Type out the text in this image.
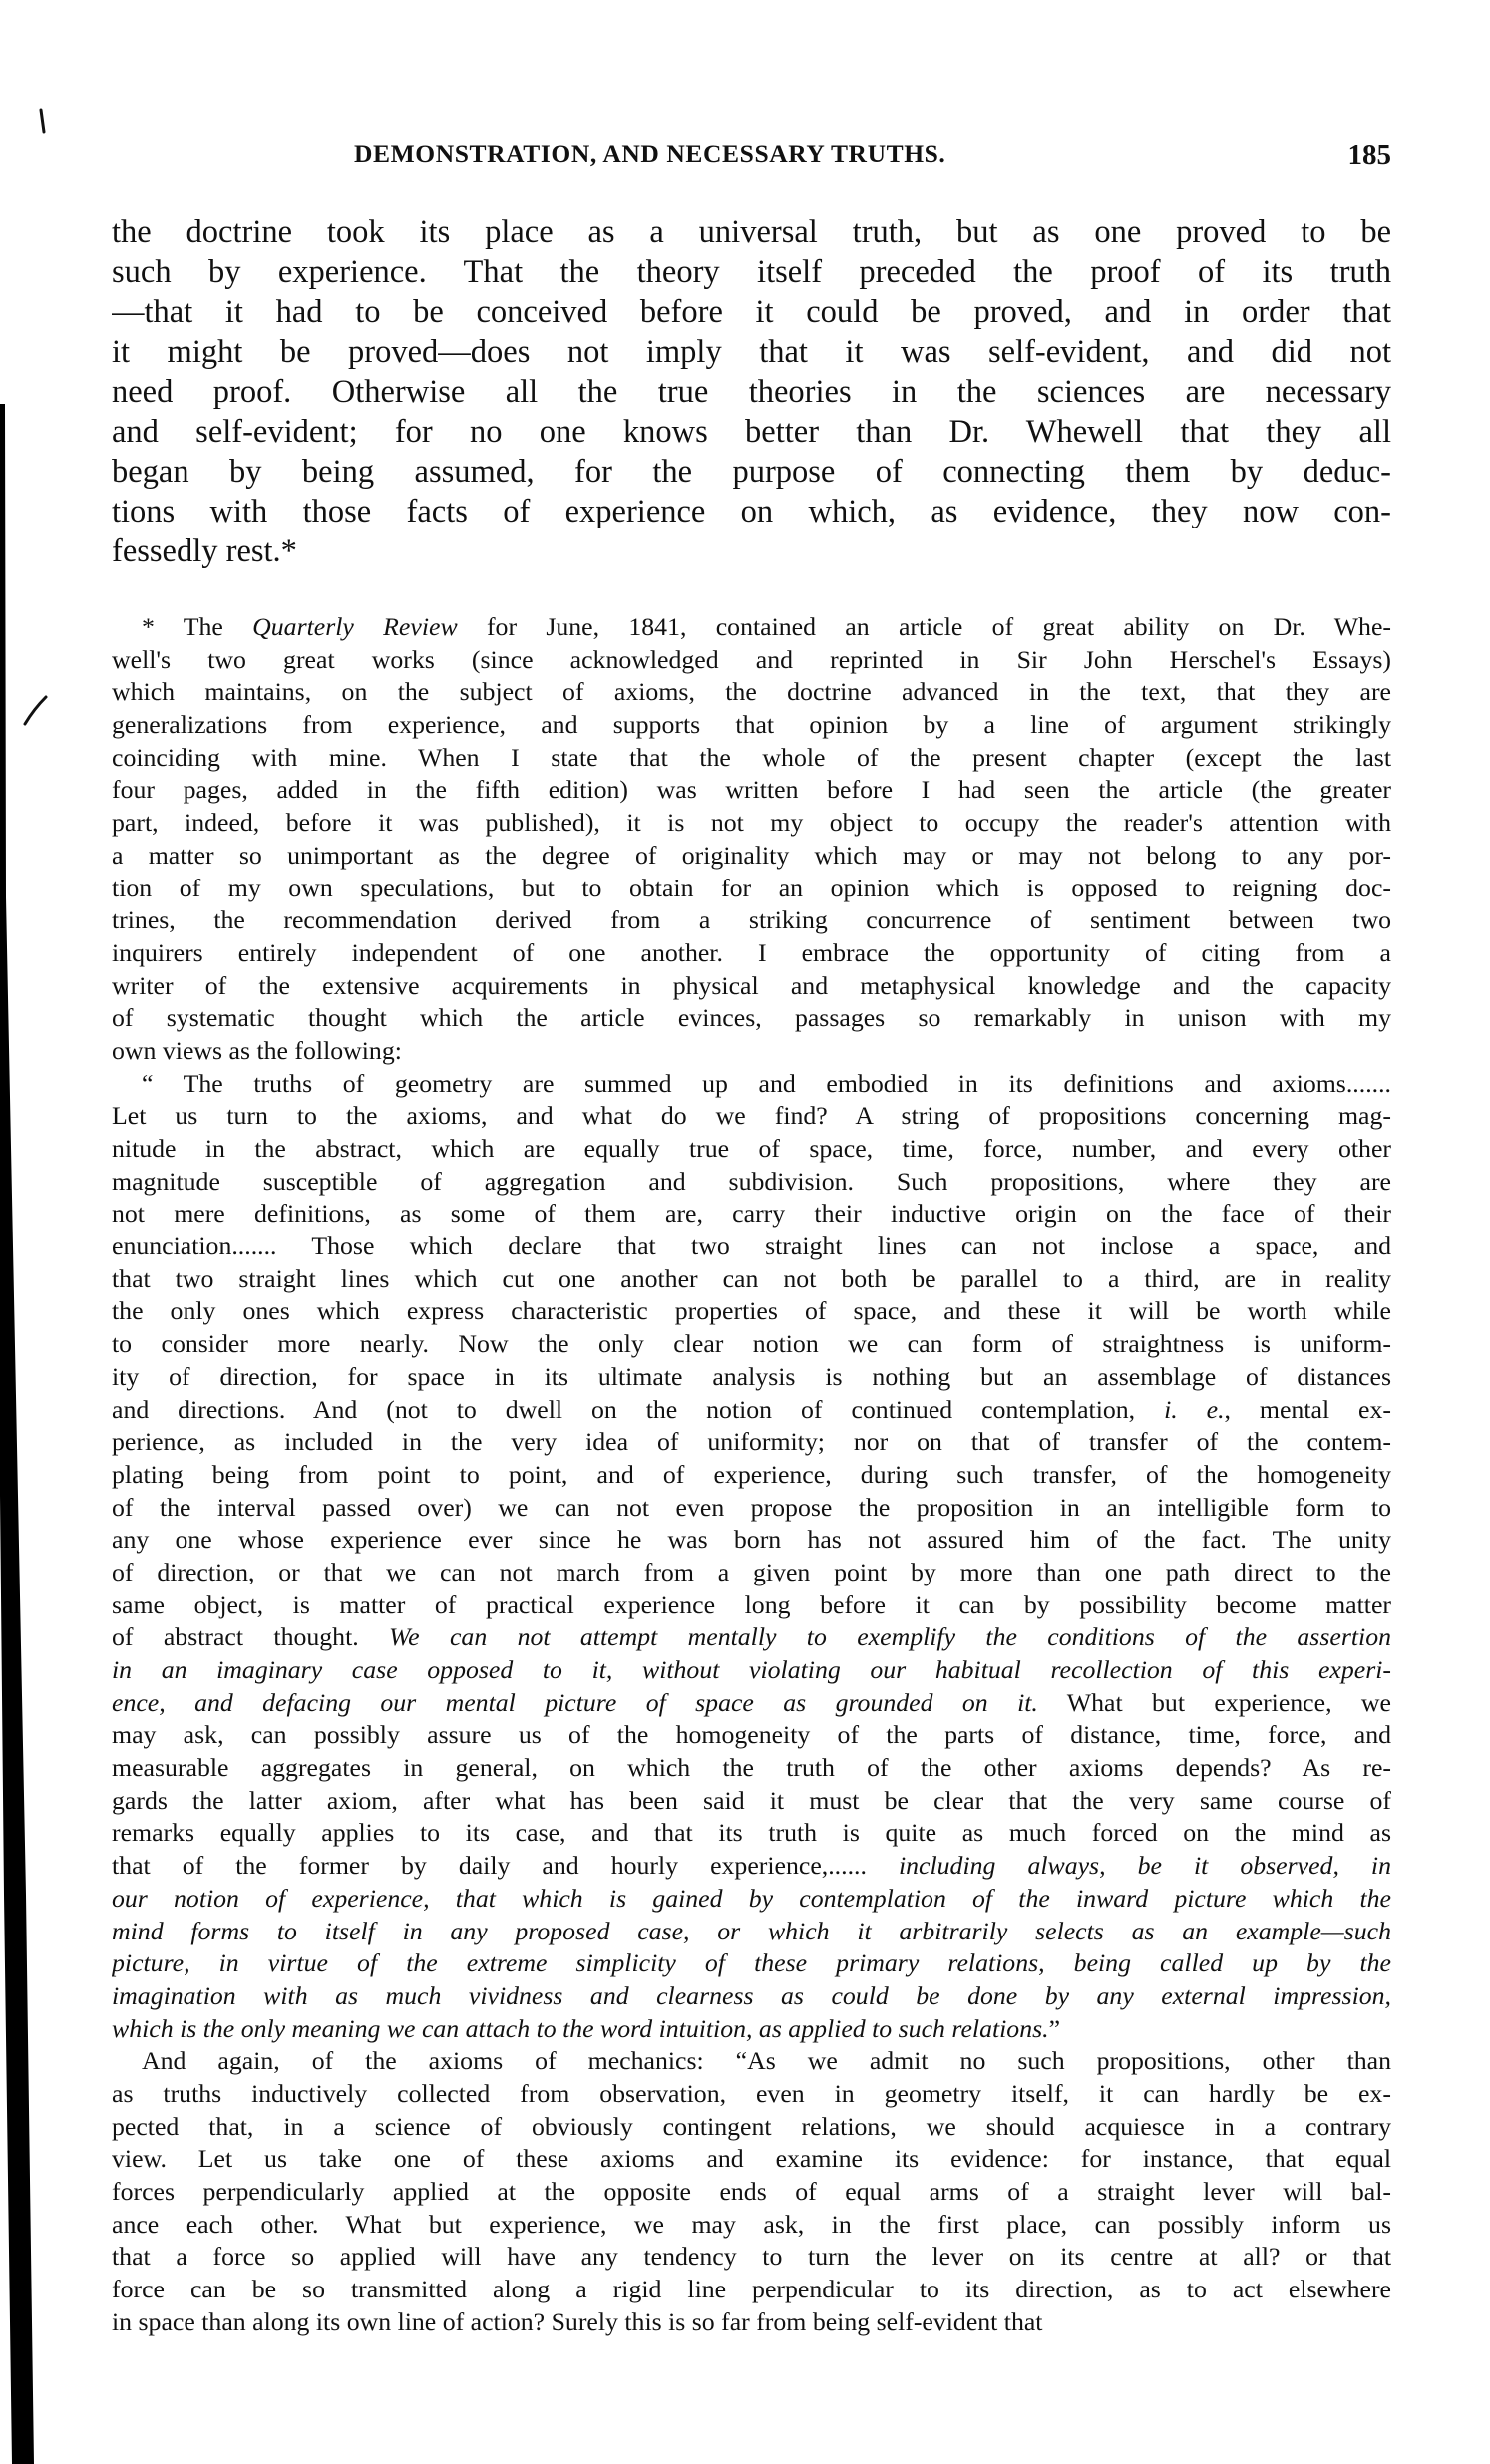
DEMONSTRATION, AND NECESSARY TRUTHS.	185
the doctrine took its place as a universal truth, but as one proved to be
such by experience. That the theory itself preceded the proof of its truth
—that it had to be conceived before it could be proved, and in order that
it might be proved—does not imply that it was self-evident, and did not
need proof. Otherwise all the true theories in the sciences are necessary
and self-evident; for no one knows better than Dr. Whewell that they all
began by being assumed, for the purpose of connecting them by deduc-
tions with those facts of experience on which, as evidence, they now con-
fessedly rest.*
* The Quarterly Review for June, 1841, contained an article of great ability on Dr. Whe-
well's two great works (since acknowledged and reprinted in Sir John Herschel's Essays)
which maintains, on the subject of axioms, the doctrine advanced in the text, that they are
generalizations from experience, and supports that opinion by a line of argument strikingly
coinciding with mine. When I state that the whole of the present chapter (except the last
four pages, added in the fifth edition) was written before I had seen the article (the greater
part, indeed, before it was published), it is not my object to occupy the reader's attention with
a matter so unimportant as the degree of originality which may or may not belong to any por-
tion of my own speculations, but to obtain for an opinion which is opposed to reigning doc-
trines, the recommendation derived from a striking concurrence of sentiment between two
inquirers entirely independent of one another. I embrace the opportunity of citing from a
writer of the extensive acquirements in physical and metaphysical knowledge and the capacity
of systematic thought which the article evinces, passages so remarkably in unison with my
own views as the following:
“ The truths of geometry are summed up and embodied in its definitions and axioms.......
Let us turn to the axioms, and what do we find? A string of propositions concerning mag-
nitude in the abstract, which are equally true of space, time, force, number, and every other
magnitude susceptible of aggregation and subdivision. Such propositions, where they are
not mere definitions, as some of them are, carry their inductive origin on the face of their
enunciation....... Those which declare that two straight lines can not inclose a space, and
that two straight lines which cut one another can not both be parallel to a third, are in reality
the only ones which express characteristic properties of space, and these it will be worth while
to consider more nearly. Now the only clear notion we can form of straightness is uniform-
ity of direction, for space in its ultimate analysis is nothing but an assemblage of distances
and directions. And (not to dwell on the notion of continued contemplation, i. e., mental ex-
perience, as included in the very idea of uniformity; nor on that of transfer of the contem-
plating being from point to point, and of experience, during such transfer, of the homogeneity
of the interval passed over) we can not even propose the proposition in an intelligible form to
any one whose experience ever since he was born has not assured him of the fact. The unity
of direction, or that we can not march from a given point by more than one path direct to the
same object, is matter of practical experience long before it can by possibility become matter
of abstract thought. We can not attempt mentally to exemplify the conditions of the assertion
in an imaginary case opposed to it, without violating our habitual recollection of this experi-
ence, and defacing our mental picture of space as grounded on it. What but experience, we
may ask, can possibly assure us of the homogeneity of the parts of distance, time, force, and
measurable aggregates in general, on which the truth of the other axioms depends? As re-
gards the latter axiom, after what has been said it must be clear that the very same course of
remarks equally applies to its case, and that its truth is quite as much forced on the mind as
that of the former by daily and hourly experience,...... including always, be it observed, in
our notion of experience, that which is gained by contemplation of the inward picture which the
mind forms to itself in any proposed case, or which it arbitrarily selects as an example—such
picture, in virtue of the extreme simplicity of these primary relations, being called up by the
imagination with as much vividness and clearness as could be done by any external impression,
which is the only meaning we can attach to the word intuition, as applied to such relations.”
And again, of the axioms of mechanics: “As we admit no such propositions, other than
as truths inductively collected from observation, even in geometry itself, it can hardly be ex-
pected that, in a science of obviously contingent relations, we should acquiesce in a contrary
view. Let us take one of these axioms and examine its evidence: for instance, that equal
forces perpendicularly applied at the opposite ends of equal arms of a straight lever will bal-
ance each other. What but experience, we may ask, in the first place, can possibly inform us
that a force so applied will have any tendency to turn the lever on its centre at all? or that
force can be so transmitted along a rigid line perpendicular to its direction, as to act elsewhere
in space than along its own line of action? Surely this is so far from being self-evident that
